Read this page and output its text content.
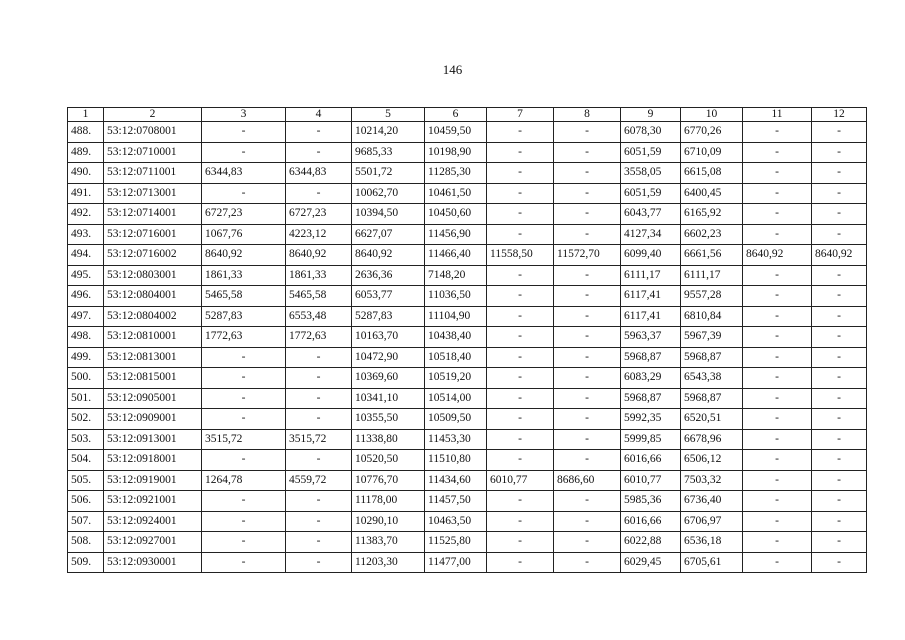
146
1	2	3	4	5	6	7	8	9	10	11	12
488.	53:12:0708001	-	-	10214,20	10459,50	-	-	6078,30	6770,26	-	-
489.	53:12:0710001	-	-	9685,33	10198,90	-	-	6051,59	6710,09	-	-
490.	53:12:0711001	6344,83	6344,83	5501,72	11285,30	-	-	3558,05	6615,08	-	-
491.	53:12:0713001	-	-	10062,70	10461,50	-	-	6051,59	6400,45	-	-
492.	53:12:0714001	6727,23	6727,23	10394,50	10450,60	-	-	6043,77	6165,92	-	-
493.	53:12:0716001	1067,76	4223,12	6627,07	11456,90	-	-	4127,34	6602,23	-	-
494.	53:12:0716002	8640,92	8640,92	8640,92	11466,40	11558,50	11572,70	6099,40	6661,56	8640,92	8640,92
495.	53:12:0803001	1861,33	1861,33	2636,36	7148,20	-	-	6111,17	6111,17	-	-
496.	53:12:0804001	5465,58	5465,58	6053,77	11036,50	-	-	6117,41	9557,28	-	-
497.	53:12:0804002	5287,83	6553,48	5287,83	11104,90	-	-	6117,41	6810,84	-	-
498.	53:12:0810001	1772,63	1772,63	10163,70	10438,40	-	-	5963,37	5967,39	-	-
499.	53:12:0813001	-	-	10472,90	10518,40	-	-	5968,87	5968,87	-	-
500.	53:12:0815001	-	-	10369,60	10519,20	-	-	6083,29	6543,38	-	-
501.	53:12:0905001	-	-	10341,10	10514,00	-	-	5968,87	5968,87	-	-
502.	53:12:0909001	-	-	10355,50	10509,50	-	-	5992,35	6520,51	-	-
503.	53:12:0913001	3515,72	3515,72	11338,80	11453,30	-	-	5999,85	6678,96	-	-
504.	53:12:0918001	-	-	10520,50	11510,80	-	-	6016,66	6506,12	-	-
505.	53:12:0919001	1264,78	4559,72	10776,70	11434,60	6010,77	8686,60	6010,77	7503,32	-	-
506.	53:12:0921001	-	-	11178,00	11457,50	-	-	5985,36	6736,40	-	-
507.	53:12:0924001	-	-	10290,10	10463,50	-	-	6016,66	6706,97	-	-
508.	53:12:0927001	-	-	11383,70	11525,80	-	-	6022,88	6536,18	-	-
509.	53:12:0930001	-	-	11203,30	11477,00	-	-	6029,45	6705,61	-	-
